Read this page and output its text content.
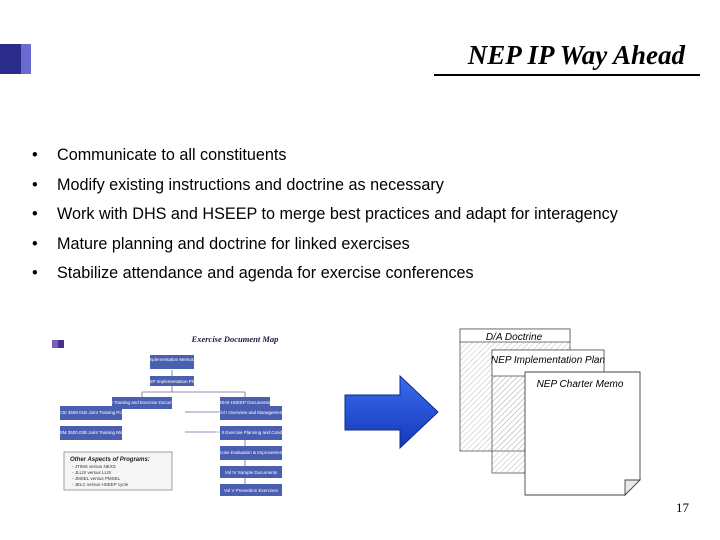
NEP IP Way Ahead
• Communicate to all constituents
• Modify existing instructions and doctrine as necessary
• Work with DHS and HSEEP to merge best practices and adapt for interagency
• Mature planning and doctrine for linked exercises
• Stabilize attendance and agenda for exercise conferences
Exercise Document Map
NEP Implementation Memorandum
NEP Implementation Plan
DOD Training and Exercise Documents	DHS HSEEP Documents
CJCSI 3500.01B Joint Training Policy
CJCSM 3500.03B Joint Training Manual
Vol I Overview and Management
Vol II Exercise Planning and Conduct
Vol III Exercise Evaluation & Improvement Planning
Vol IV Sample Documents
Vol V Prevention Exercises
Other Aspects of Programs:
- JTIMS versus NEXS
- JLLIS versus LLIS
- JMSEL versus PMSEL
- JELC versus HSEEP cycle
D/A Doctrine
NEP Implementation Plan
NEP Charter Memo
17
